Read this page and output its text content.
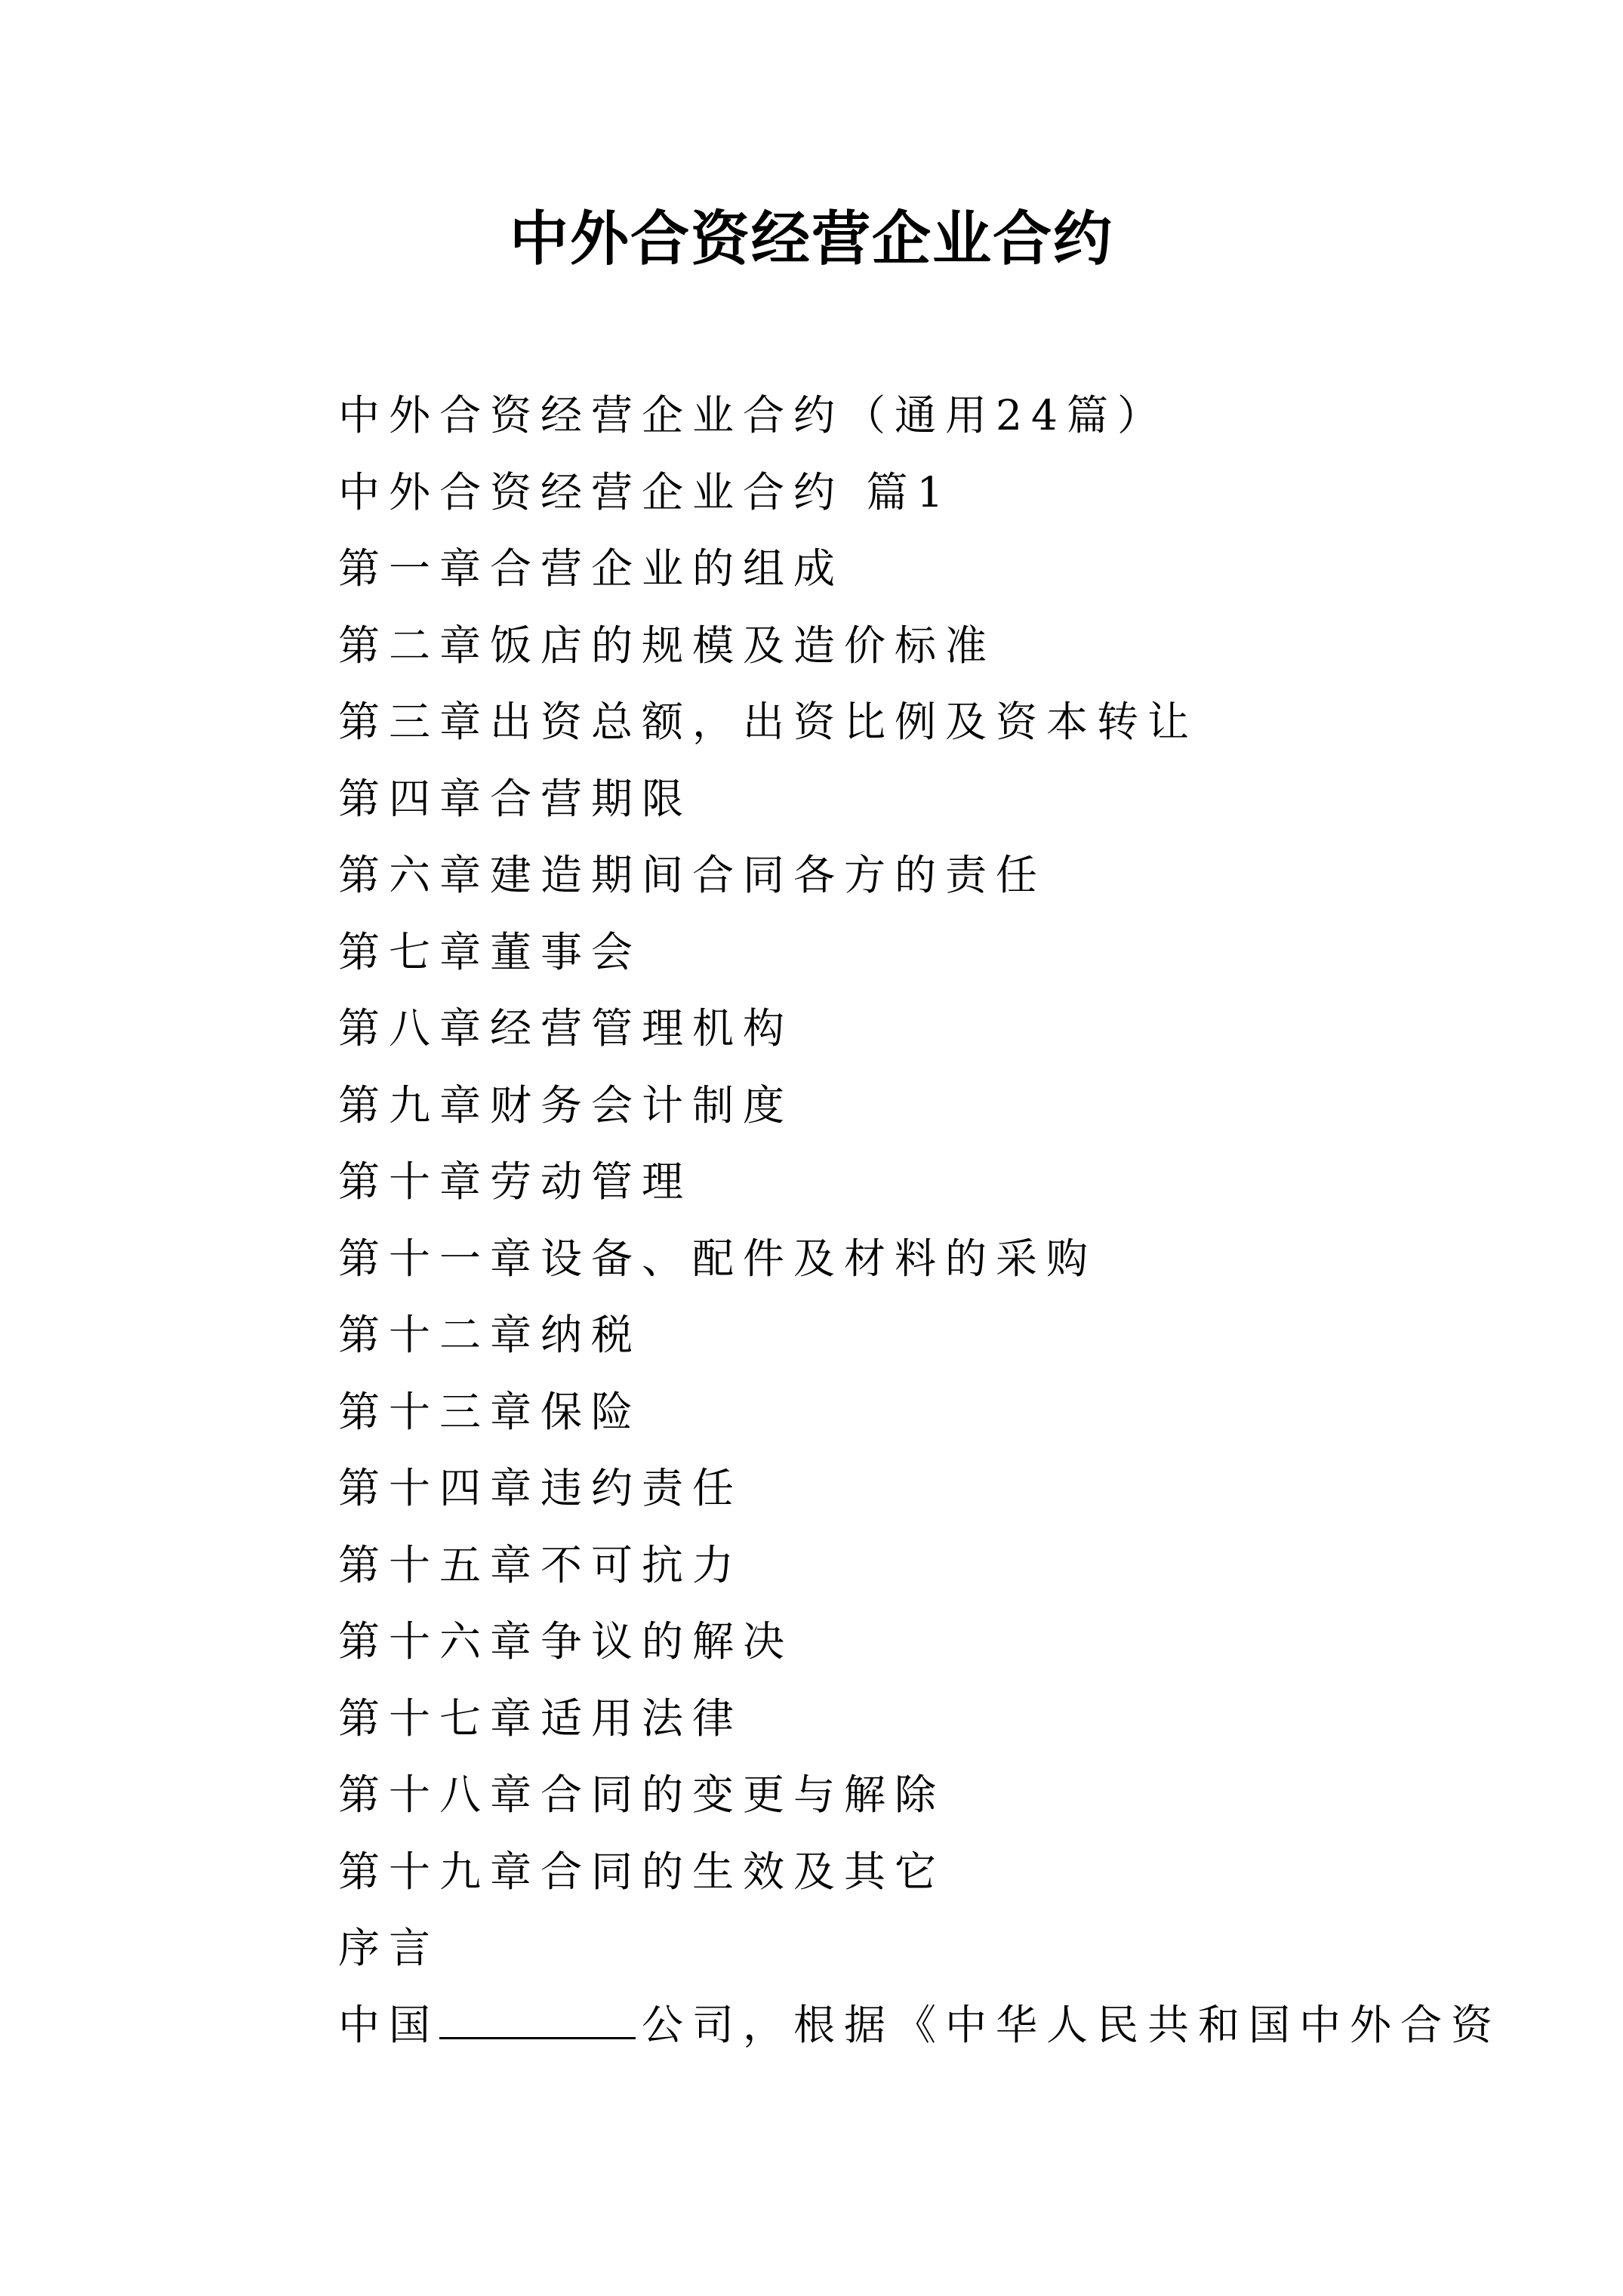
中外合资经营企业合约
中外合资经营企业合约（通用24篇）
中外合资经营企业合约 篇1
第一章合营企业的组成
第二章饭店的规模及造价标准
第三章出资总额，出资比例及资本转让
第四章合营期限
第六章建造期间合同各方的责任
第七章董事会
第八章经营管理机构
第九章财务会计制度
第十章劳动管理
第十一章设备、配件及材料的采购
第十二章纳税
第十三章保险
第十四章违约责任
第十五章不可抗力
第十六章争议的解决
第十七章适用法律
第十八章合同的变更与解除
第十九章合同的生效及其它
序言
中国	公司，根据《中华人民共和国中外合资
